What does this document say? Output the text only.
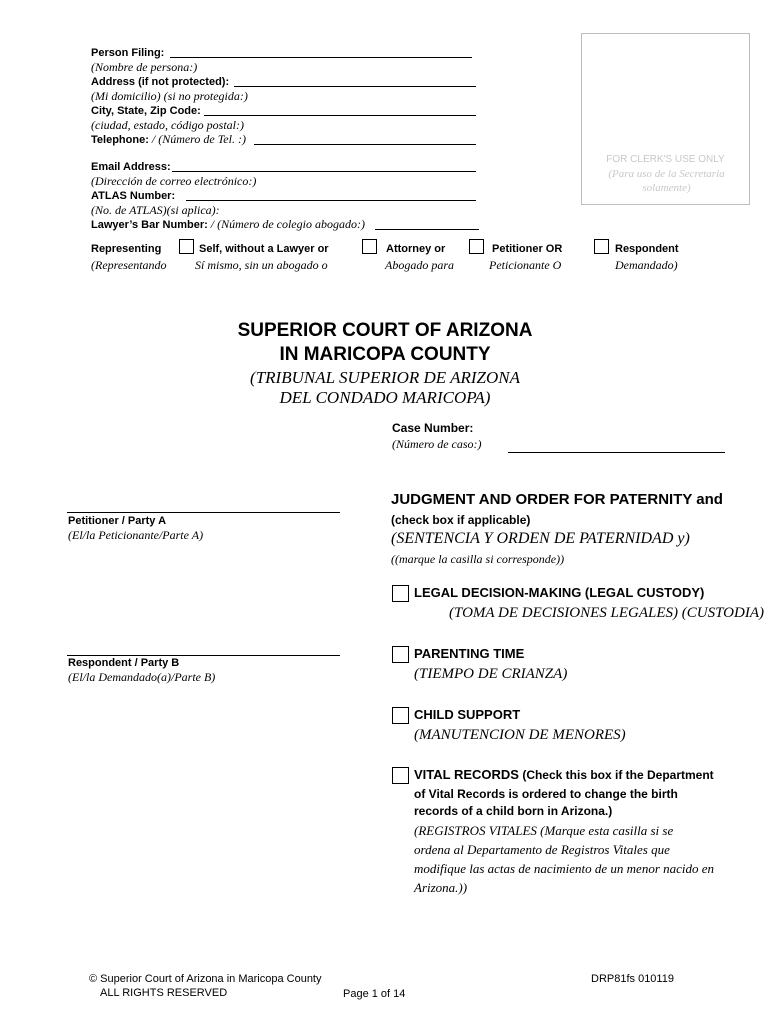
Person Filing:
(Nombre de persona:)
Address (if not protected):
(Mi domicilio) (si no protegida:)
City, State, Zip Code:
(ciudad, estado, código postal:)
Telephone: / (Número de Tel. :)
Email Address:
(Dirección de correo electrónico:)
ATLAS Number:
(No. de ATLAS)(si aplica):
Lawyer’s Bar Number: / (Número de colegio abogado:)
FOR CLERK'S USE ONLY
(Para uso de la Secretaria solamente)
Representing
(Representando
Self, without a Lawyer or
Sí mismo, sin un abogado o
Attorney or
Abogado para
Petitioner OR
Peticionante O
Respondent
Demandado)
SUPERIOR COURT OF ARIZONA
IN MARICOPA COUNTY
(TRIBUNAL SUPERIOR DE ARIZONA
DEL CONDADO MARICOPA)
Case Number:
(Número de caso:)
Petitioner / Party A
(El/la Peticionante/Parte A)
Respondent / Party B
(El/la Demandado(a)/Parte B)
JUDGMENT AND ORDER FOR PATERNITY and
(check box if applicable)
(SENTENCIA Y ORDEN DE PATERNIDAD y)
((marque la casilla si corresponde))
LEGAL DECISION-MAKING (LEGAL CUSTODY)
(TOMA DE DECISIONES LEGALES) (CUSTODIA)
PARENTING TIME
(TIEMPO DE CRIANZA)
CHILD SUPPORT
(MANUTENCION DE MENORES)
VITAL RECORDS (Check this box if the Department
of Vital Records is ordered to change the birth
records of a child born in Arizona.)
(REGISTROS VITALES (Marque esta casilla si se
ordena al Departamento de Registros Vitales que
modifique las actas de nacimiento de un menor nacido en
Arizona.))
© Superior Court of Arizona in Maricopa County
ALL RIGHTS RESERVED	Page 1 of 14
DRP81fs 010119
